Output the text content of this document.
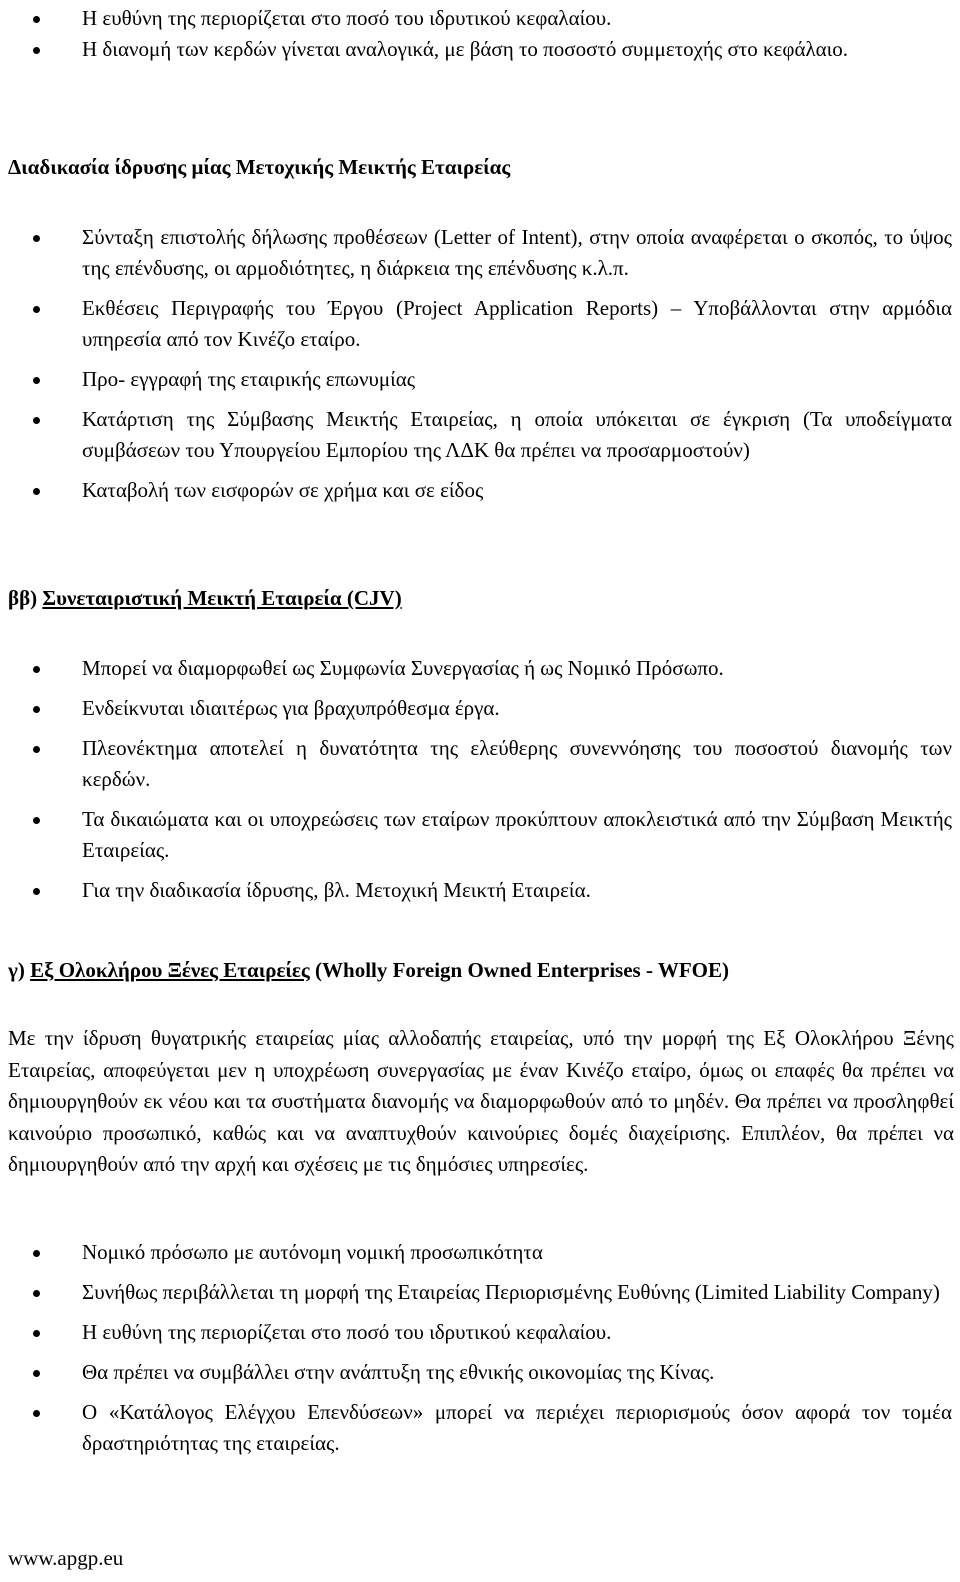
Η ευθύνη της περιορίζεται στο ποσό του ιδρυτικού κεφαλαίου.
Η διανομή των κερδών γίνεται αναλογικά, με βάση το ποσοστό συμμετοχής στο κεφάλαιο.
Διαδικασία ίδρυσης μίας Μετοχικής Μεικτής Εταιρείας
Σύνταξη επιστολής δήλωσης προθέσεων (Letter of Intent), στην οποία αναφέρεται ο σκοπός, το ύψος της επένδυσης, οι αρμοδιότητες, η διάρκεια της επένδυσης κ.λ.π.
Εκθέσεις Περιγραφής του Έργου (Project Application Reports) – Υποβάλλονται στην αρμόδια υπηρεσία από τον Κινέζο εταίρο.
Προ- εγγραφή της εταιρικής επωνυμίας
Κατάρτιση της Σύμβασης Μεικτής Εταιρείας, η οποία υπόκειται σε έγκριση (Τα υποδείγματα συμβάσεων του Υπουργείου Εμπορίου της ΛΔΚ θα πρέπει να προσαρμοστούν)
Καταβολή των εισφορών σε χρήμα και σε είδος
ββ) Συνεταιριστική Μεικτή Εταιρεία (CJV)
Μπορεί να διαμορφωθεί ως Συμφωνία Συνεργασίας ή ως Νομικό Πρόσωπο.
Ενδείκνυται ιδιαιτέρως για βραχυπρόθεσμα έργα.
Πλεονέκτημα αποτελεί η δυνατότητα της ελεύθερης συνεννόησης του ποσοστού διανομής των κερδών.
Τα δικαιώματα και οι υποχρεώσεις των εταίρων προκύπτουν αποκλειστικά από την Σύμβαση Μεικτής Εταιρείας.
Για την διαδικασία ίδρυσης, βλ. Μετοχική Μεικτή Εταιρεία.
γ) Εξ Ολοκλήρου Ξένες Εταιρείες (Wholly Foreign Owned Enterprises - WFOE)
Με την ίδρυση θυγατρικής εταιρείας μίας αλλοδαπής εταιρείας, υπό την μορφή της Εξ Ολοκλήρου Ξένης Εταιρείας, αποφεύγεται μεν η υποχρέωση συνεργασίας με έναν Κινέζο εταίρο, όμως οι επαφές θα πρέπει να δημιουργηθούν εκ νέου και τα συστήματα διανομής να διαμορφωθούν από το μηδέν. Θα πρέπει να προσληφθεί καινούριο προσωπικό, καθώς και να αναπτυχθούν καινούριες δομές διαχείρισης. Επιπλέον, θα πρέπει να δημιουργηθούν από την αρχή και σχέσεις με τις δημόσιες υπηρεσίες.
Νομικό πρόσωπο με αυτόνομη νομική προσωπικότητα
Συνήθως περιβάλλεται τη μορφή της Εταιρείας Περιορισμένης Ευθύνης (Limited Liability Company)
Η ευθύνη της περιορίζεται στο ποσό του ιδρυτικού κεφαλαίου.
Θα πρέπει να συμβάλλει στην ανάπτυξη της εθνικής οικονομίας της Κίνας.
Ο «Κατάλογος Ελέγχου Επενδύσεων» μπορεί να περιέχει περιορισμούς όσον αφορά τον τομέα δραστηριότητας της εταιρείας.
www.apgp.eu
